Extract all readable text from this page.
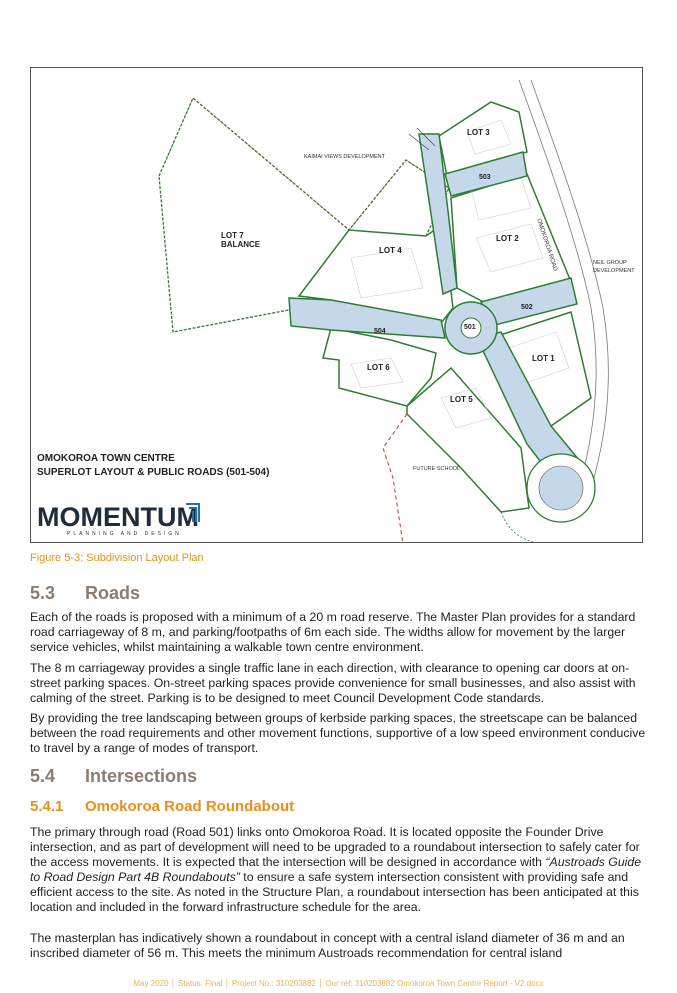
LOT 7
BALANCE
LOT 4
LOT 3
LOT 2
LOT 1
LOT 5
LOT 6
503
502
501
504
KAIMAI VIEWS DEVELOPMENT
NEIL GROUP
DEVELOPMENT
OMOKOROA ROAD
FUTURE SCHOOL
OMOKOROA TOWN CENTRE
SUPERLOT LAYOUT & PUBLIC ROADS (501-504)
MOMENTUM
PLANNING AND DESIGN
Figure 5-3: Subdivision Layout Plan
5.3 Roads

Each of the roads is proposed with a minimum of a 20 m road reserve. The Master Plan provides for a standard road carriageway of 8 m, and parking/footpaths of 6m each side. The widths allow for movement by the larger service vehicles, whilst maintaining a walkable town centre environment.

The 8 m carriageway provides a single traffic lane in each direction, with clearance to opening car doors at on-street parking spaces. On-street parking spaces provide convenience for small businesses, and also assist with calming of the street. Parking is to be designed to meet Council Development Code standards.

By providing the tree landscaping between groups of kerbside parking spaces, the streetscape can be balanced between the road requirements and other movement functions, supportive of a low speed environment conducive to travel by a range of modes of transport.

5.4 Intersections
5.4.1 Omokoroa Road Roundabout

The primary through road (Road 501) links onto Omokoroa Road. It is located opposite the Founder Drive intersection, and as part of development will need to be upgraded to a roundabout intersection to safely cater for the access movements. It is expected that the intersection will be designed in accordance with “Austroads Guide to Road Design Part 4B Roundabouts” to ensure a safe system intersection consistent with providing safe and efficient access to the site. As noted in the Structure Plan, a roundabout intersection has been anticipated at this location and included in the forward infrastructure schedule for the area.

The masterplan has indicatively shown a roundabout in concept with a central island diameter of 36 m and an inscribed diameter of 56 m. This meets the minimum Austroads recommendation for central island

May 2020 │ Status: Final │ Project No.: 310203882 │ Our ref: 310203882 Omokoroa Town Centre Report - V2.docx
